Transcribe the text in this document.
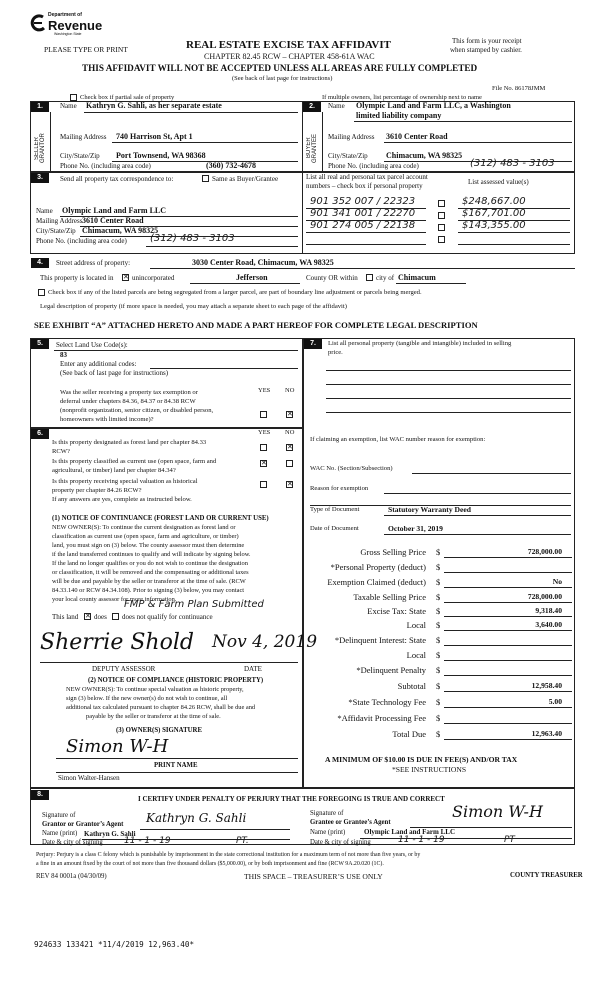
Department of
Revenue
Washington State
PLEASE TYPE OR PRINT	REAL ESTATE EXCISE TAX AFFIDAVIT
CHAPTER 82.45 RCW – CHAPTER 458-61A WAC
This form is your receipt
when stamped by cashier.
THIS AFFIDAVIT WILL NOT BE ACCEPTED UNLESS ALL AREAS ARE FULLY COMPLETED
(See back of last page for instructions)
File No. 86178JMM
Check box if partial sale of property	If multiple owners, list percentage of ownership next to name
1.
SELLER GRANTOR
Name Kathryn G. Sahli, as her separate estate
Mailing Address 740 Harrison St, Apt 1
City/State/Zip Port Townsend, WA 98368
Phone No. (including area code)	(360) 732-4678
2.
BUYER GRANTEE
Name Olympic Land and Farm LLC, a Washington
limited liability company
Mailing Address 3610 Center Road
City/State/Zip Chimacum, WA 98325
Phone No. (including area code)	(312) 483 - 3103
3.	Send all property tax correspondence to:	Same as Buyer/Grantee
Name Olympic Land and Farm LLC
Mailing Address 3610 Center Road
City/State/Zip Chimacum, WA 98325
Phone No. (including area code) (312) 483 - 3103
List all real and personal tax parcel account
numbers – check box if personal property	List assessed value(s)
901 352 007 / 22323	$248,667.00
901 341 001 / 22270	$167,701.00
901 274 005 / 22138	$143,355.00
4.	Street address of property:	3030 Center Road, Chimacum, WA 98325
This property is located in ✕ unincorporated	Jefferson	County OR within	city of Chimacum
Check box if any of the listed parcels are being segregated from a larger parcel, are part of boundary line adjustment or parcels being merged.
Legal description of property (if more space is needed, you may attach a separate sheet to each page of the affidavit)
SEE EXHIBIT “A” ATTACHED HERETO AND MADE A PART HEREOF FOR COMPLETE LEGAL DESCRIPTION
5.	Select Land Use Code(s):
83
Enter any additional codes:
(See back of last page for instructions)
YES NO
Was the seller receiving a property tax exemption or
deferral under chapters 84.36, 84.37 or 84.38 RCW
(nonprofit organization, senior citizen, or disabled person,
homeowners with limited income)?
✕
6.	YES NO
Is this property designated as forest land per chapter 84.33
RCW?
✕
Is this property classified as current use (open space, farm and
agricultural, or timber) land per chapter 84.34?
✕
Is this property receiving special valuation as historical
property per chapter 84.26 RCW?
✕
If any answers are yes, complete as instructed below.
(1) NOTICE OF CONTINUANCE (FOREST LAND OR CURRENT USE)
NEW OWNER(S): To continue the current designation as forest land or
classification as current use (open space, farm and agriculture, or timber)
land, you must sign on (3) below. The county assessor must then determine
if the land transferred continues to qualify and will indicate by signing below.
If the land no longer qualifies or you do not wish to continue the designation
or classification, it will be removed and the compensating or additional taxes
will be due and payable by the seller or transferor at the time of sale. (RCW
84.33.140 or RCW 84.34.108). Prior to signing (3) below, you may contact
your local county assessor for more information.
FMP & Farm Plan Submitted
This land ✕ does does not qualify for continuance
Sherrie Shold Nov 4, 2019
DEPUTY ASSESSOR	DATE
(2) NOTICE OF COMPLIANCE (HISTORIC PROPERTY)
NEW OWNER(S): To continue special valuation as historic property,
sign (3) below. If the new owner(s) do not wish to continue, all
additional tax calculated pursuant to chapter 84.26 RCW, shall be due and
payable by the seller or transferor at the time of sale.
(3) OWNER(S) SIGNATURE
Simon W-H
PRINT NAME
Simon Walter-Hansen
7.	List all personal property (tangible and intangible) included in selling
price.
If claiming an exemption, list WAC number reason for exemption:
WAC No. (Section/Subsection)
Reason for exemption
Type of Document	Statutory Warranty Deed
Date of Document	October 31, 2019
Gross Selling Price $	728,000.00
*Personal Property (deduct) $
Exemption Claimed (deduct) $	No
Taxable Selling Price $	728,000.00
Excise Tax: State $	9,318.40
Local $	3,640.00
*Delinquent Interest: State $
Local $
*Delinquent Penalty $
Subtotal $	12,958.40
*State Technology Fee $	5.00
*Affidavit Processing Fee $
Total Due $	12,963.40
A MINIMUM OF $10.00 IS DUE IN FEE(S) AND/OR TAX
*SEE INSTRUCTIONS
8.
I CERTIFY UNDER PENALTY OF PERJURY THAT THE FOREGOING IS TRUE AND CORRECT
Signature of
Grantor or Grantor’s Agent Kathryn G. Sahli
Name (print) Kathryn G. Sahli
Date & city of signing 11 - 1 - 19	PT.
Signature of
Grantee or Grantee’s Agent
Simon W-H
Name (print)	Olympic Land and Farm LLC
Date & city of signing	11 - 1 - 19	PT
Perjury: Perjury is a class C felony which is punishable by imprisonment in the state correctional institution for a maximum term of not more than five years, or by
a fine in an amount fixed by the court of not more than five thousand dollars ($5,000.00), or by both imprisonment and fine (RCW 9A.20.020 (1C).
REV 84 0001a (04/30/09)	THIS SPACE – TREASURER’S USE ONLY	COUNTY TREASURER
924633 133421 *11/4/2019 12,963.40*
